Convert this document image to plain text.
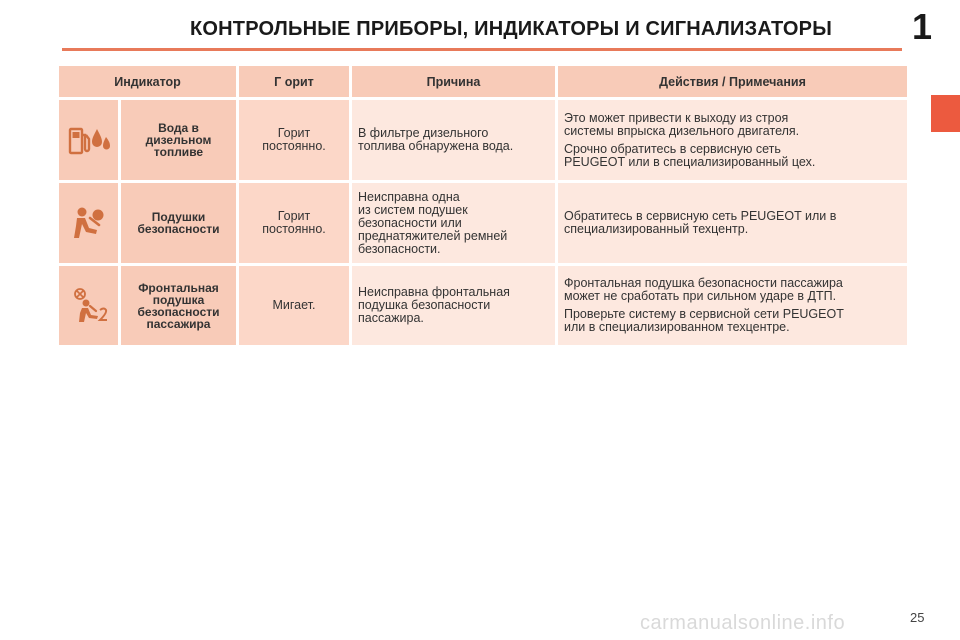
КОНТРОЛЬНЫЕ ПРИБОРЫ, ИНДИКАТОРЫ И СИГНАЛИЗАТОРЫ 1
Индикатор		Г орит	Причина	Действия / Примечания

	Вода в
дизельном
топливе	Горит
постоянно.	В фильтре дизельного
топлива обнаружена вода.	Это может привести к выходу из строя
системы впрыска дизельного двигателя.
Срочно обратитесь в сервисную сеть
PEUGEOT или в специализированный цех.

	Подушки
безопасности	Горит
постоянно.	Неисправна одна
из систем подушек
безопасности или
преднатяжителей ремней
безопасности.	Обратитесь в сервисную сеть PEUGEOT или в
специализированный техцентр.

	Фронтальная
подушка
безопасности
пассажира	Мигает.	Неисправна фронтальная
подушка безопасности
пассажира.	Фронтальная подушка безопасности пассажира
может не сработать при сильном ударе в ДТП.
Проверьте систему в сервисной сети PEUGEOT
или в специализированном техцентре.
carmanualsonline.info	25
